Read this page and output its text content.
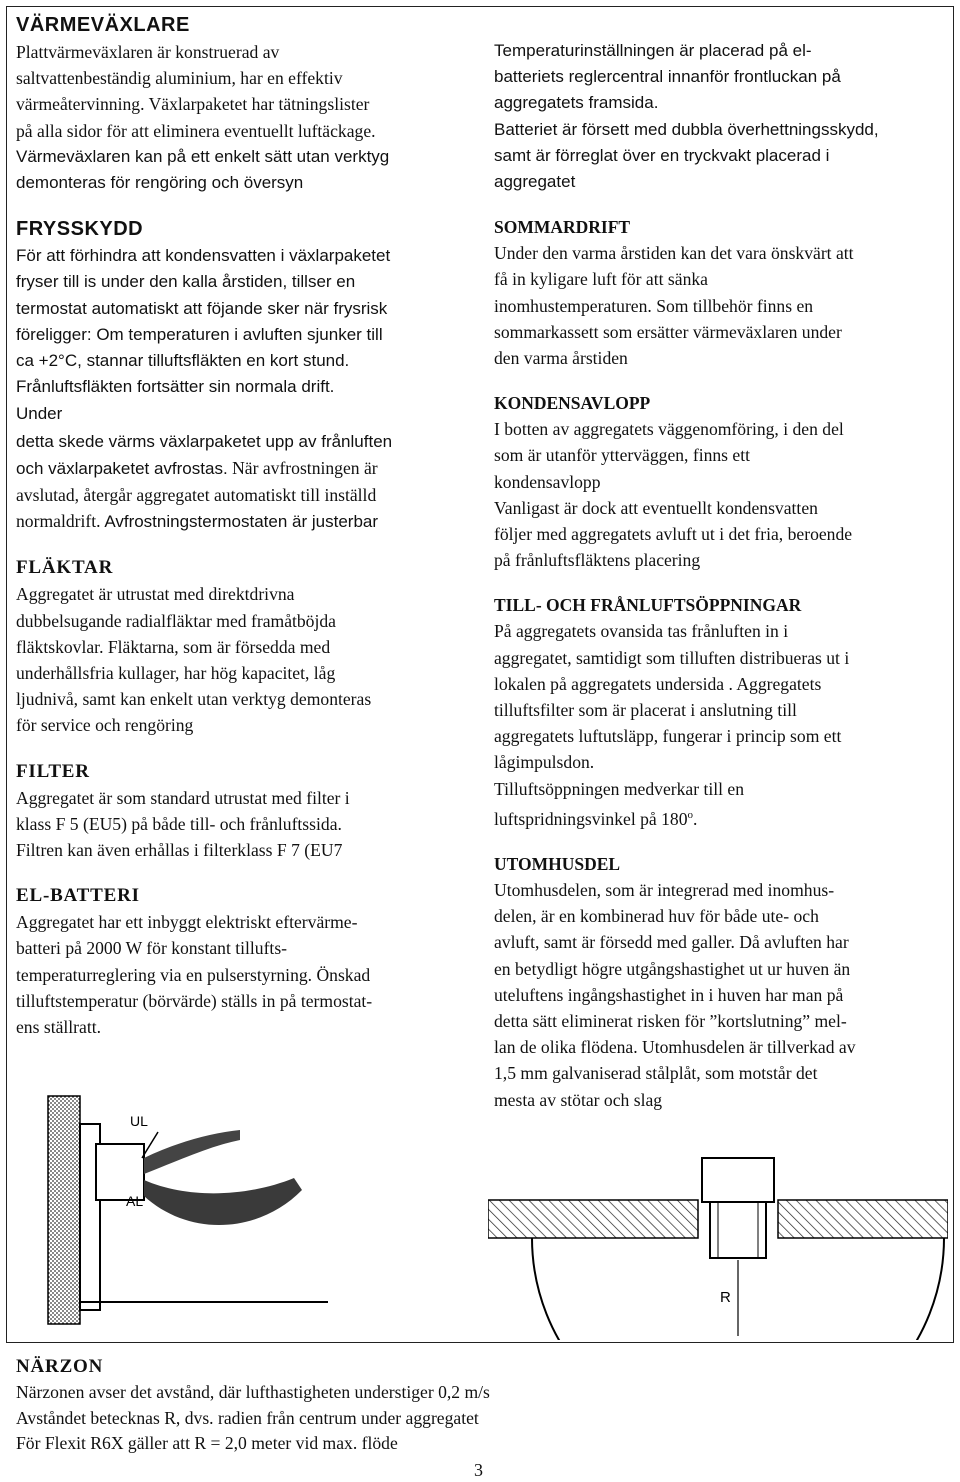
VÄRMEVÄXLARE

Plattvärmeväxlaren är konstruerad av
saltvattenbeständig aluminium, har en effektiv
värmeåtervinning. Växlarpaketet har tätningslister
på alla sidor för att eliminera eventuellt luftäckage.

Värmeväxlaren kan på ett enkelt sätt utan verktyg
demonteras för rengöring och översyn

FRYSSKYDD

För att förhindra att kondensvatten i växlarpaketet
fryser till is under den kalla årstiden, tillser en
termostat automatiskt att föjande sker när frysrisk
föreligger: Om temperaturen i avluften sjunker till
ca +2°C, stannar tilluftsfläkten en kort stund.
Frånluftsfläkten fortsätter sin normala drift.

Under
detta skede värms växlarpaketet upp av frånluften
och växlarpaketet avfrostas. När avfrostningen är
avslutad, återgår aggregatet automatiskt till inställd
normaldrift. Avfrostningstermostaten är justerbar

FLÄKTAR

Aggregatet är utrustat med direktdrivna
dubbelsugande radialfläktar med framåtböjda
fläktskovlar. Fläktarna, som är försedda med
underhållsfria kullager, har hög kapacitet, låg
ljudnivå, samt kan enkelt utan verktyg demonteras
för service och rengöring

FILTER

Aggregatet är som standard utrustat med filter i
klass F 5 (EU5) på både till- och frånluftssida.
Filtren kan även erhållas i filterklass F 7 (EU7

EL-BATTERI

Aggregatet har ett inbyggt elektriskt eftervärme-
batteri på 2000 W för konstant tillufts-
temperaturreglering via en pulserstyrning. Önskad
tilluftstemperatur (börvärde) ställs in på termostat-
ens ställratt.

UL
AL

Temperaturinställningen är placerad på el-
batteriets reglercentral innanför frontluckan på
aggregatets framsida.

Batteriet är försett med dubbla överhettningsskydd,
samt är förreglat över en tryckvakt placerad i
aggregatet

SOMMARDRIFT

Under den varma årstiden kan det vara önskvärt att
få in kyligare luft för att sänka
inomhustemperaturen. Som tillbehör finns en
sommarkassett som ersätter värmeväxlaren under
den varma årstiden

KONDENSAVLOPP

I botten av aggregatets väggenomföring, i den del
som är utanför ytterväggen, finns ett
kondensavlopp
Vanligast är dock att eventuellt kondensvatten
följer med aggregatets avluft ut i det fria, beroende
på frånluftsfläktens placering

TILL- OCH FRÅNLUFTSÖPPNINGAR

På aggregatets ovansida tas frånluften in i
aggregatet, samtidigt som tilluften distribueras ut i
lokalen på aggregatets undersida . Aggregatets
tilluftsfilter som är placerat i anslutning till
aggregatets luftutsläpp, fungerar i princip som ett
lågimpulsdon.
Tilluftsöppningen medverkar till en

luftspridningsvinkel på 180$^o$.

UTOMHUSDEL

Utomhusdelen, som är integrerad med inomhus-
delen, är en kombinerad huv för både ute- och
avluft, samt är försedd med galler. Då avluften har
en betydligt högre utgångshastighet ut ur huven än
uteluftens ingångshastighet in i huven har man på
detta sätt eliminerat risken för ”kortslutning” mel-
lan de olika flödena. Utomhusdelen är tillverkad av
1,5 mm galvaniserad stålplåt, som motstår det
mesta av stötar och slag

R
NÄRZON

Närzonen avser det avstånd, där lufthastigheten understiger 0,2 m/s
Avståndet betecknas R, dvs. radien från centrum under aggregatet
För Flexit R6X gäller att R = 2,0 meter vid max. flöde

3
